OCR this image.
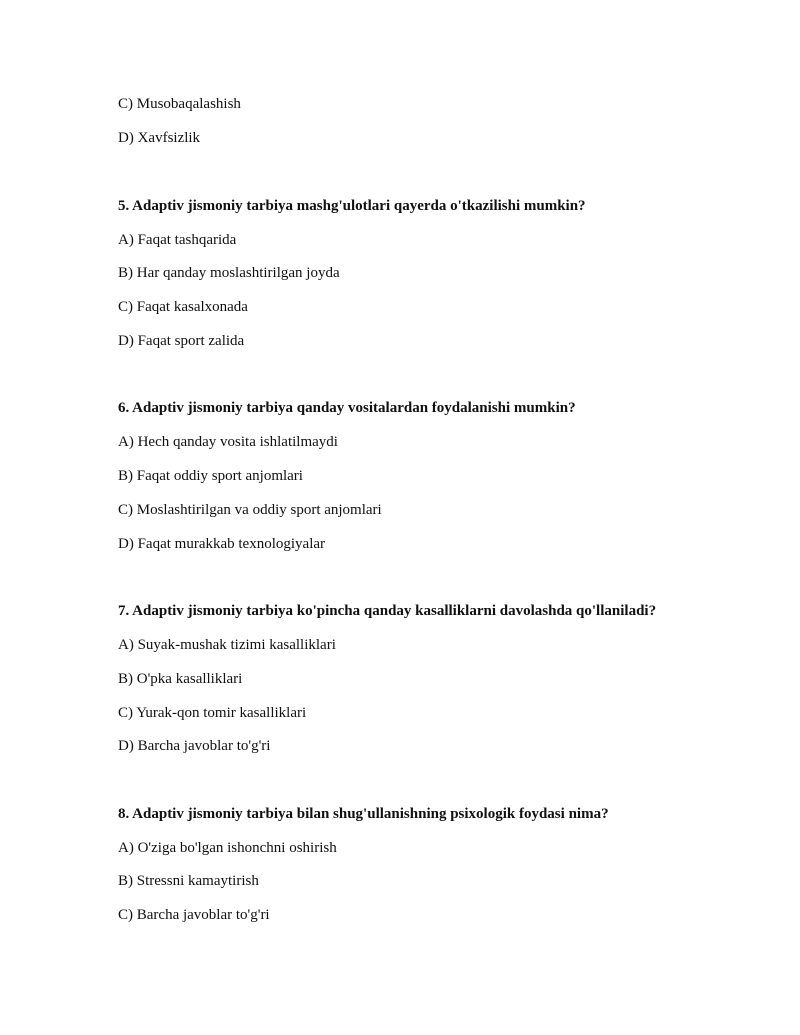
C) Musobaqalashish
D) Xavfsizlik
5. Adaptiv jismoniy tarbiya mashg'ulotlari qayerda o'tkazilishi mumkin?
A) Faqat tashqarida
B) Har qanday moslashtirilgan joyda
C) Faqat kasalxonada
D) Faqat sport zalida
6. Adaptiv jismoniy tarbiya qanday vositalardan foydalanishi mumkin?
A) Hech qanday vosita ishlatilmaydi
B) Faqat oddiy sport anjomlari
C) Moslashtirilgan va oddiy sport anjomlari
D) Faqat murakkab texnologiyalar
7. Adaptiv jismoniy tarbiya ko'pincha qanday kasalliklarni davolashda qo'llaniladi?
A) Suyak-mushak tizimi kasalliklari
B) O'pka kasalliklari
C) Yurak-qon tomir kasalliklari
D) Barcha javoblar to'g'ri
8. Adaptiv jismoniy tarbiya bilan shug'ullanishning psixologik foydasi nima?
A) O'ziga bo'lgan ishonchni oshirish
B) Stressni kamaytirish
C) Barcha javoblar to'g'ri
